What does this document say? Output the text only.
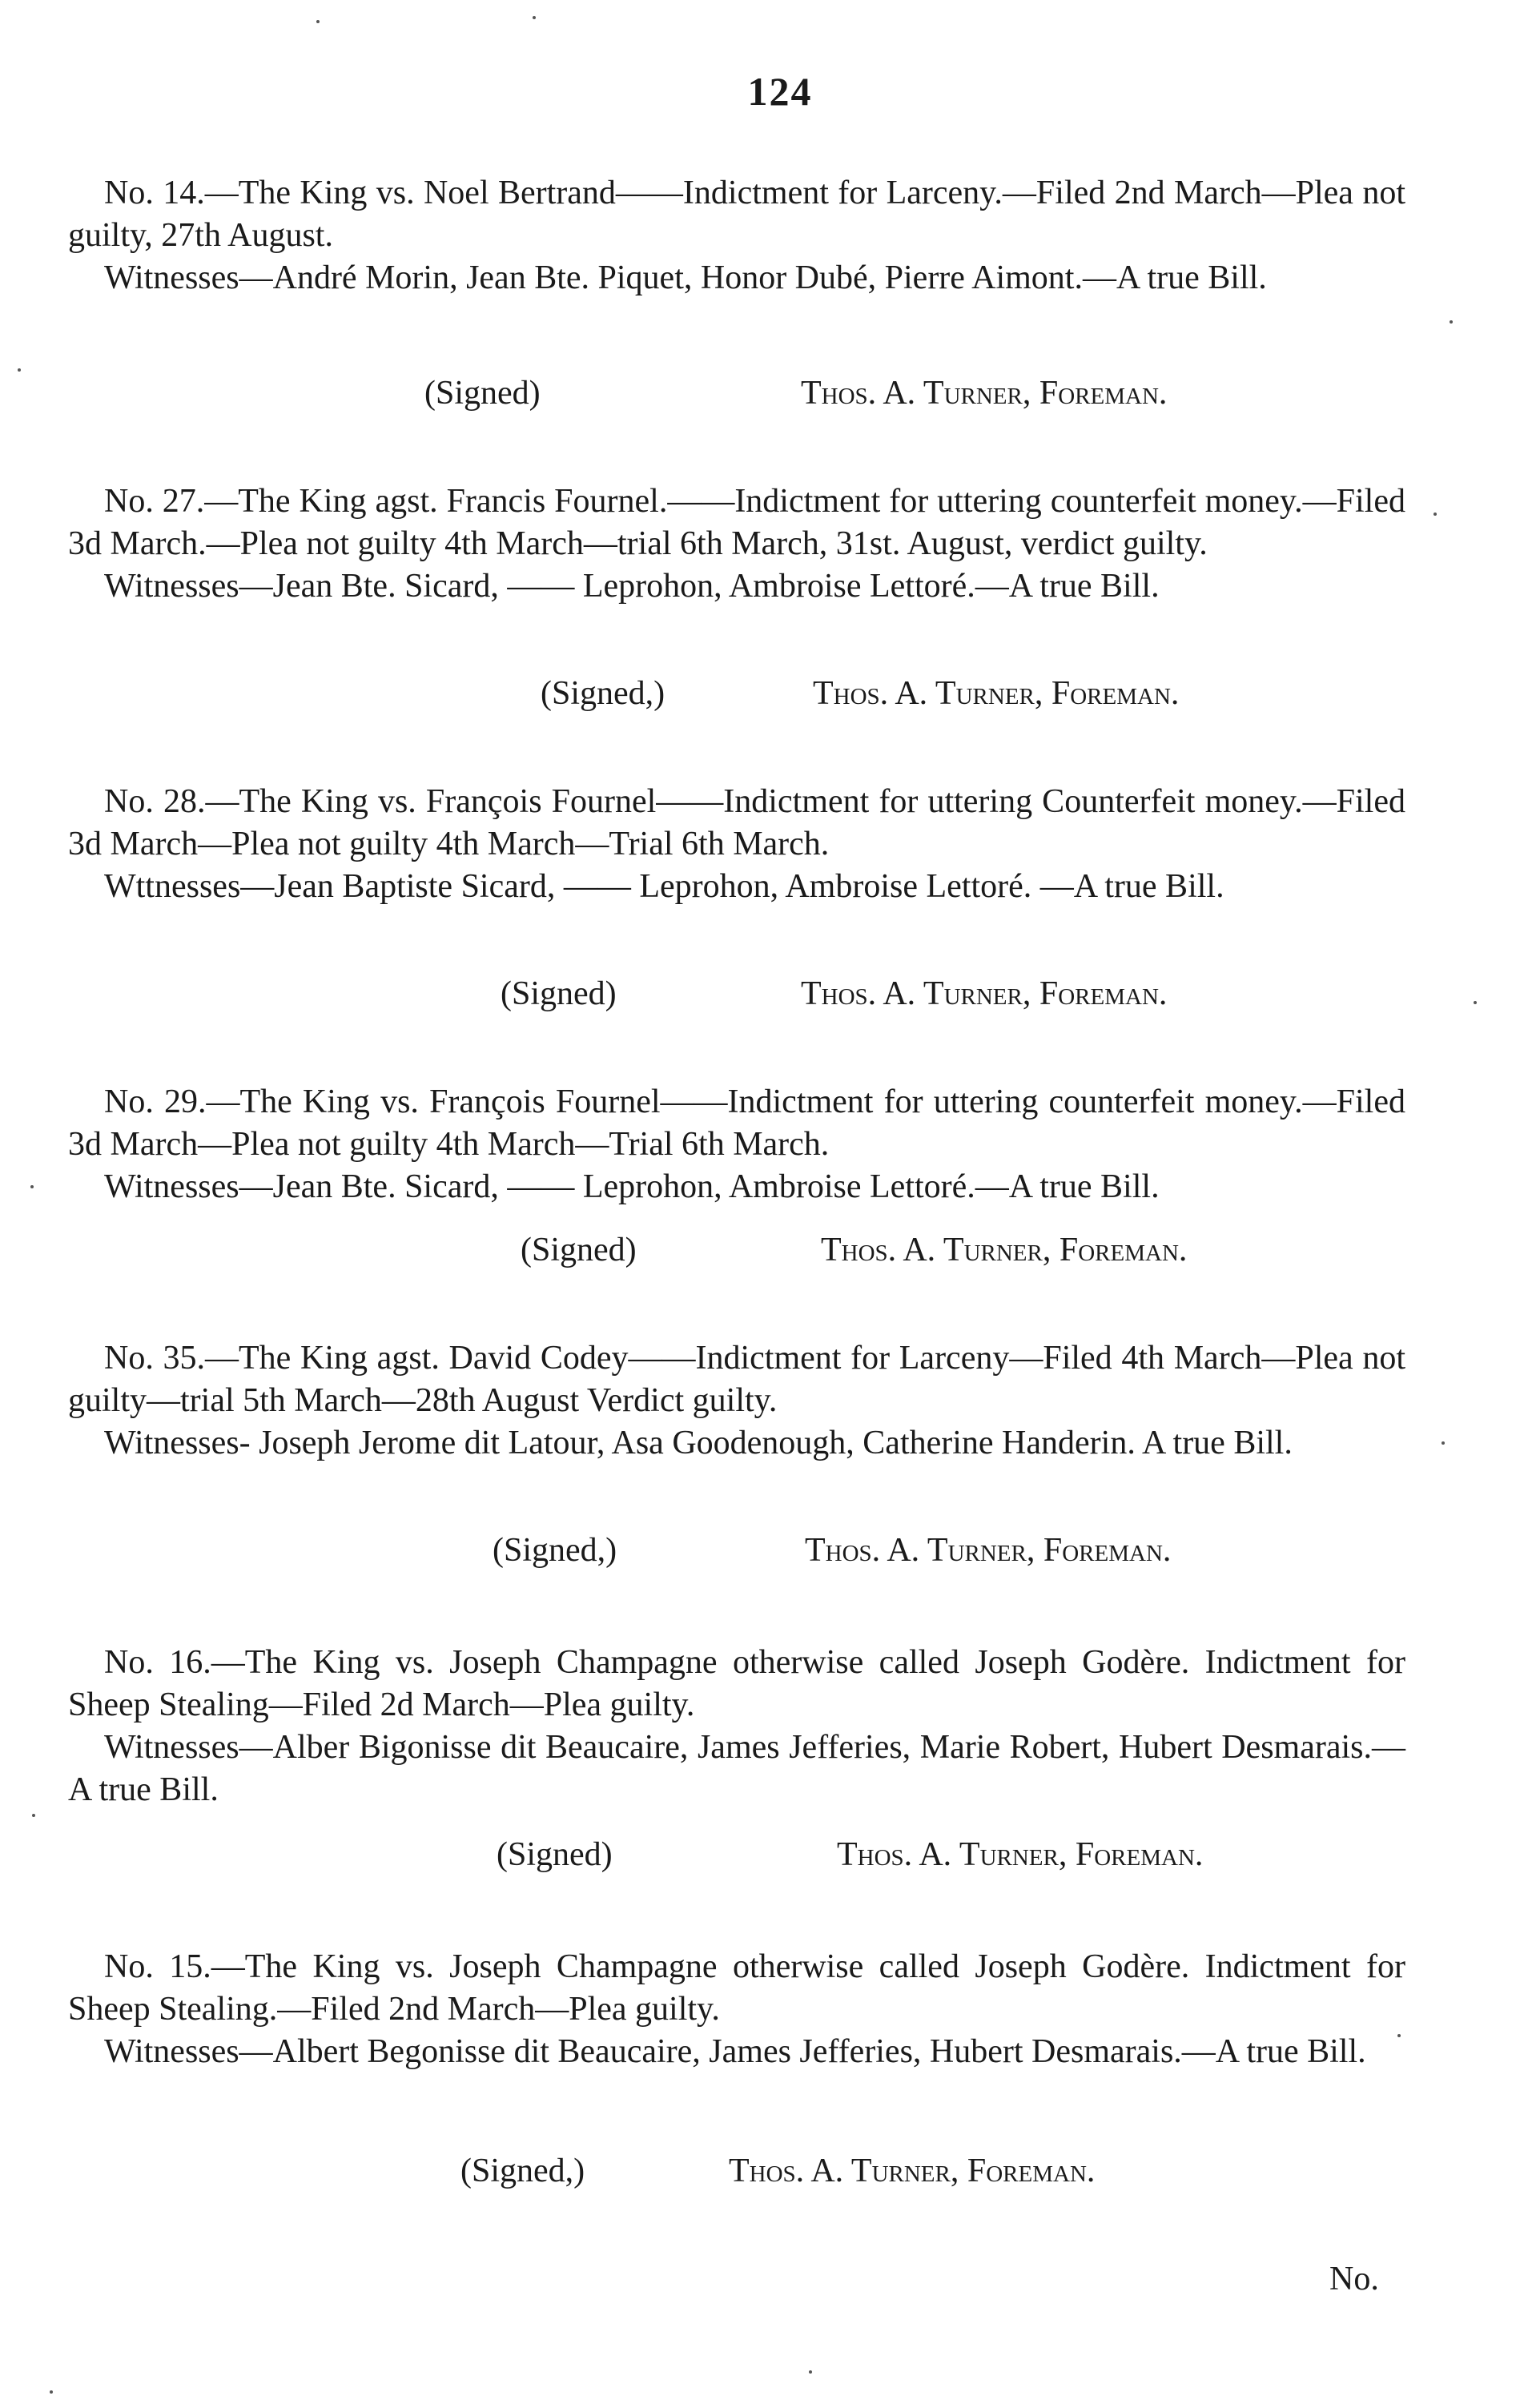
124

No. 14.—The King vs. Noel Bertrand——Indictment for Larceny.—Filed 2nd March—Plea not guilty, 27th August.

Witnesses—André Morin, Jean Bte. Piquet, Honor Dubé, Pierre Aimont.—A true Bill.

(Signed)	Thos. A. Turner, Foreman.

No. 27.—The King agst. Francis Fournel.——Indictment for uttering counterfeit money.—Filed 3d March.—Plea not guilty 4th March—trial 6th March, 31st. August, verdict guilty.

Witnesses—Jean Bte. Sicard, —— Leprohon, Ambroise Lettoré.—A true Bill.

(Signed,)	Thos. A. Turner, Foreman.

No. 28.—The King vs. François Fournel——Indictment for uttering Counterfeit money.—Filed 3d March—Plea not guilty 4th March—Trial 6th March.

Wttnesses—Jean Baptiste Sicard, —— Leprohon, Ambroise Lettoré. —A true Bill.

(Signed)	Thos. A. Turner, Foreman.

No. 29.—The King vs. François Fournel——Indictment for uttering counterfeit money.—Filed 3d March—Plea not guilty 4th March—Trial 6th March.

Witnesses—Jean Bte. Sicard, —— Leprohon, Ambroise Lettoré.—A true Bill.

(Signed)	Thos. A. Turner, Foreman.

No. 35.—The King agst. David Codey——Indictment for Larceny—Filed 4th March—Plea not guilty—trial 5th March—28th August Verdict guilty.

Witnesses- Joseph Jerome dit Latour, Asa Goodenough, Catherine Handerin. A true Bill.

(Signed,)	Thos. A. Turner, Foreman.

No. 16.—The King vs. Joseph Champagne otherwise called Joseph Godère. Indictment for Sheep Stealing—Filed 2d March—Plea guilty.

Witnesses—Alber Bigonisse dit Beaucaire, James Jefferies, Marie Robert, Hubert Desmarais.—A true Bill.

(Signed)	Thos. A. Turner, Foreman.

No. 15.—The King vs. Joseph Champagne otherwise called Joseph Godère. Indictment for Sheep Stealing.—Filed 2nd March—Plea guilty.

Witnesses—Albert Begonisse dit Beaucaire, James Jefferies, Hubert Desmarais.—A true Bill.

(Signed,)	Thos. A. Turner, Foreman.
No.
